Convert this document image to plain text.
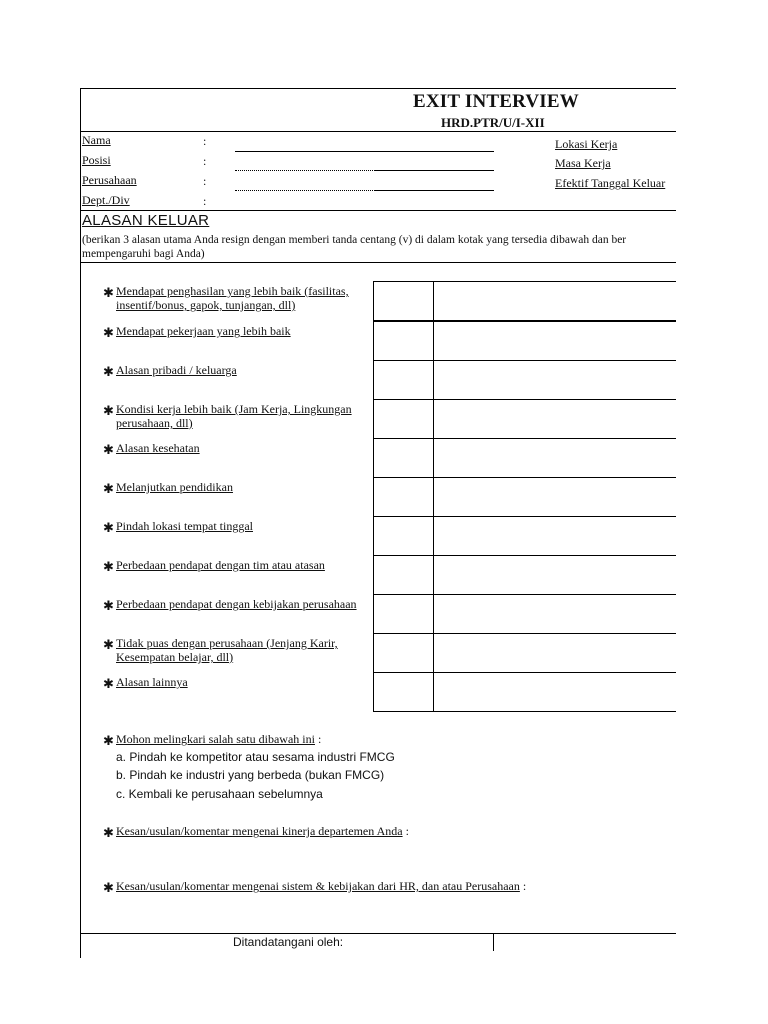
EXIT INTERVIEW
HRD.PTR/U/I-XII
Nama
Posisi
Perusahaan
Dept./Div
:
:
:
:
Lokasi Kerja
Masa Kerja
Efektif Tanggal Keluar
ALASAN KELUAR
(berikan 3 alasan utama Anda resign dengan memberi tanda centang (v) di dalam kotak yang tersedia dibawah dan ber
mempengaruhi bagi Anda)
✱ Mendapat penghasilan yang lebih baik (fasilitas,
insentif/bonus, gapok, tunjangan, dll)
✱ Mendapat pekerjaan yang lebih baik
✱ Alasan pribadi / keluarga
✱ Kondisi kerja lebih baik (Jam Kerja, Lingkungan
perusahaan, dll)
✱ Alasan kesehatan
✱ Melanjutkan pendidikan
✱ Pindah lokasi tempat tinggal
✱ Perbedaan pendapat dengan tim atau atasan
✱ Perbedaan pendapat dengan kebijakan perusahaan
✱ Tidak puas dengan perusahaan (Jenjang Karir,
Kesempatan belajar, dll)
✱ Alasan lainnya
✱ Mohon melingkari salah satu dibawah ini :
a. Pindah ke kompetitor atau sesama industri FMCG
b. Pindah ke industri yang berbeda (bukan FMCG)
c. Kembali ke perusahaan sebelumnya
✱ Kesan/usulan/komentar mengenai kinerja departemen Anda :
✱ Kesan/usulan/komentar mengenai sistem & kebijakan dari HR, dan atau Perusahaan :
Ditandatangani oleh:
